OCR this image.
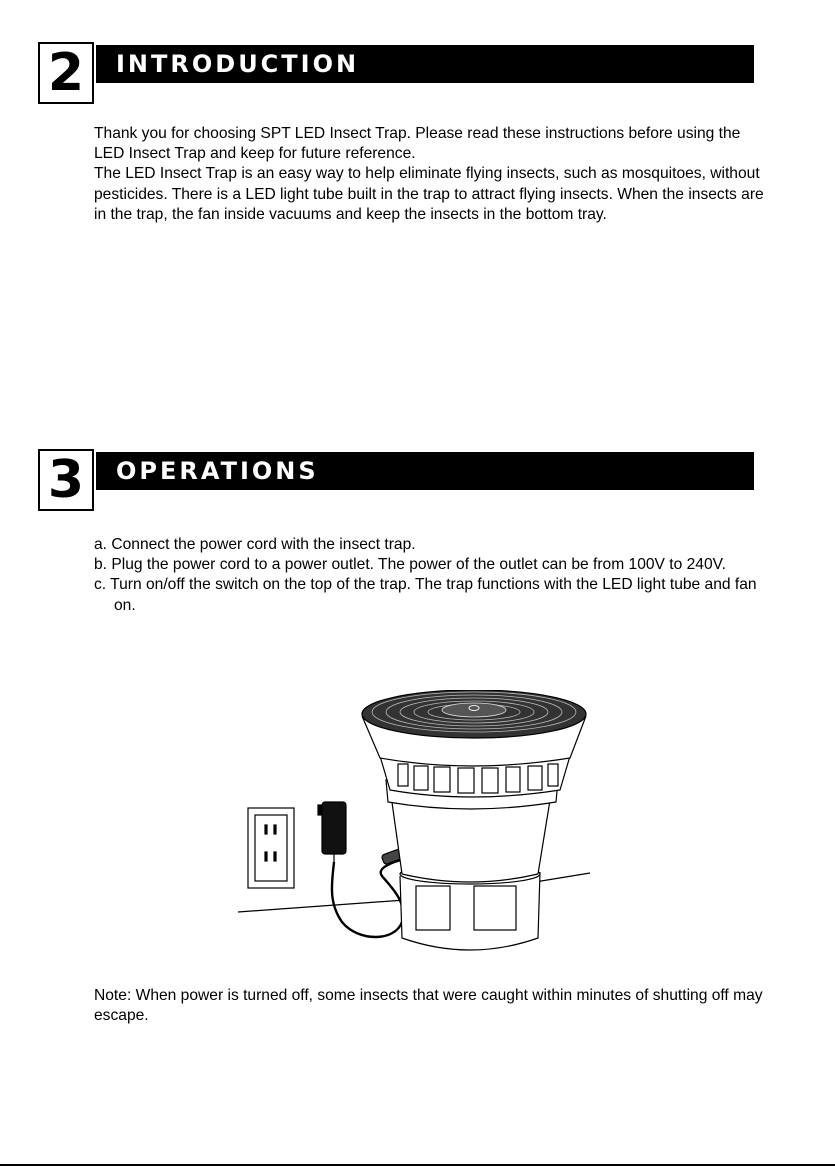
2	INTRODUCTION

Thank you for choosing SPT LED Insect Trap. Please read these instructions before using the LED Insect Trap and keep for future reference.

The LED Insect Trap is an easy way to help eliminate flying insects, such as mosquitoes, without pesticides. There is a LED light tube built in the trap to attract flying insects. When the insects are in the trap, the fan inside vacuums and keep the insects in the bottom tray.

3	OPERATIONS
a. Connect the power cord with the insect trap.
b. Plug the power cord to a power outlet. The power of the outlet can be from 100V to 240V.
c. Turn on/off the switch on the top of the trap. The trap functions with the LED light tube and fan on.
Note: When power is turned off, some insects that were caught within minutes of shutting off may escape.
